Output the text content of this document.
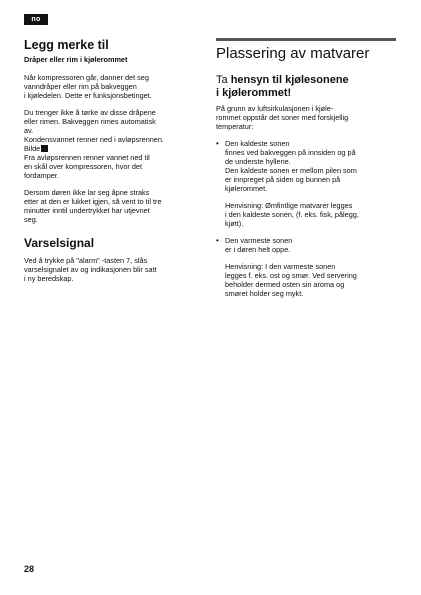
no
Legg merke til

Dråper eller rim i kjølerommet

Når kompressoren går, danner det seg

vanndråper eller rim på bakveggen

i kjøledelen. Dette er funksjonsbetinget.

Du trenger ikke å tørke av disse dråpene

eller rimen. Bakveggen rimes automatisk

av.

Kondensvannet renner ned i avløpsrennen.

Bilde

Fra avløpsrennen renner vannet ned til

en skål over kompressoren, hvor det

fordamper.

Dersom døren ikke lar seg åpne straks

etter at den er lukket igjen, så vent to til tre

minutter inntil undertrykket har utjevnet

seg.

Varselsignal

Ved å trykke på "alarm" -tasten 7, slås

varselsignalet av og indikasjonen blir satt

i ny beredskap.

Plassering av matvarer
Ta hensyn til kjølesonene
i kjølerommet!

På grunn av luftsirkulasjonen i kjøle-

rommet oppstår det soner med forskjellig

temperatur:

• Den kaldeste sonen

finnes ved bakveggen på innsiden og på

de underste hyllene.

Den kaldeste sonen er mellom pilen som

er innpreget på siden og bunnen på

kjølerommet.

Henvisning: Ømfintlige matvarer legges

i den kaldeste sonen, (f. eks. fisk, pålegg,

kjøtt).

• Den varmeste sonen

er i døren helt oppe.

Henvisning: I den varmeste sonen

legges f. eks. ost og smør. Ved servering

beholder dermed osten sin aroma og

smøret holder seg mykt.

28
